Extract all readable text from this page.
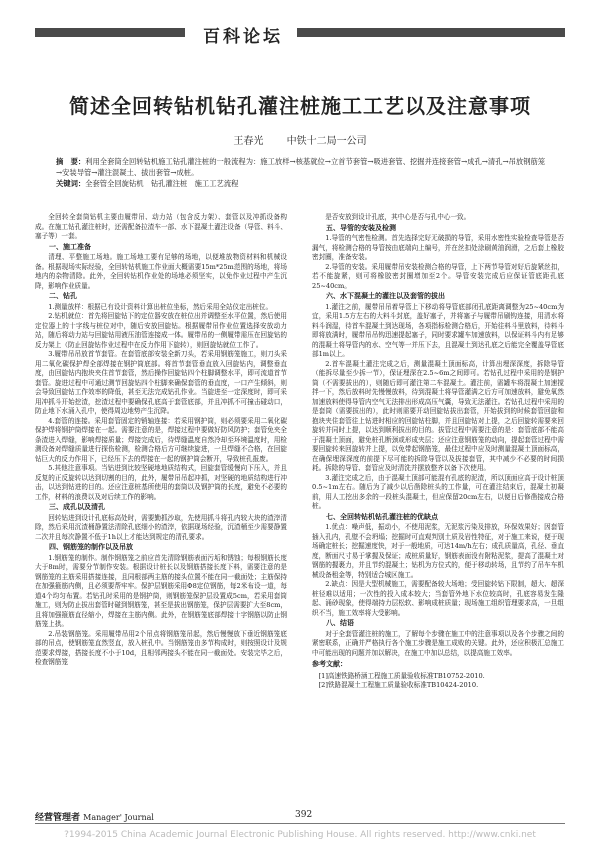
百科论坛
简述全回转钻机钻孔灌注桩施工工艺以及注意事项
王春光 中铁十二局一公司
摘　要：利用全套筒全回转钻机施工钻孔灌注桩的一般流程为：施工放样→核基就位→立首节套管→吸进套管、挖掘并连接套管→成孔→清孔→吊放钢筋笼→安装导管→灌注混凝土、拔出套管→成桩。
关键词：全套管全回旋钻机　钻孔灌注桩　施工工艺流程

全回转全套筒钻机主要由履带吊、动力站（包含反力架）、套管以及冲抓设备构成。在施工钻孔灌注桩时，还需配备拉渣车一部、水下混凝土灌注设备（导管、料斗、塞子等）一套。

一、施工准备

清理、平整施工场地。施工场地工要有足够的场地，以便堆放物资材料和机械设备。根据现场实际经验，全回转钻机施工作业面大概需要15m*25m范围的场地，将场地内的杂物清除。此外，全回转钻机作业处的场地必须坚实，以免作业过程中产生沉降，影响作业质量。

二、钻孔

1.测量放样：根据已有设计资料计算出桩位坐标，然后采用全站仪定出桩位。

2.钻机就位：首先将回旋钻下的定位器安放在桩位出并调整至水平位置，然后使用定位器上的十字线与桩位对中，随后安放回旋钻。根据履带吊作业位置选择安放动力站，随后将动力站与回旋钻用液压油管连接成一体。履带吊的一侧履带需压在回旋钻的反力架上（防止回旋钻作业过程中在反力作用下旋转），则回旋钻就位工作了。

3.履带吊吊放首节套管。在套管底部安装全新刀头，若采用钢筋笼施工，则刀头采用二氧化碳保护焊全部焊接在钢护筒底部。将首节套管垂直放入回旋钻内，调整垂直度，由回旋钻内抱块夹住首节套管，然后操作回旋钻四个柱脚调整水平，即可流道首节套管。旋进过程中可通过测节回旋钻四个柱脚来确保套管的垂直度，一口产生倾斜，则会导致回旋钻工作效率的降低，甚至无法完成钻孔作业。当旋进至一定深度时，即可采用冲抓斗开始挖渣，挖渣过程中要确保孔底高于套管底部，并且冲抓不可撞击碰动口，防止地下水涌入孔中，使得周边地势产生沉降。

4.套管的连接。采用套管固定的销轴连接：若采用钢护筒，则必须要采用二氧化碳保护焊将钢护筒焊接在一起。需要注意的是，焊接过程中要做好防风防护；套管免夹全条渣进入焊缝，影响焊接质量；焊接完成后，待焊缝温度自然冷却至环境温度时，用检测设备对焊缝质量进行探伤检测，检测合格后方可继续旋进，一旦焊缝不合格，在回旋钻巨大的反力作用下，已经压下去的焊接在一起的钢护筒会断开，导致桩孔报废。

5.其他注意事项。当钻进到比较坚硬地地质结构式，回旋套管缓慢向下压入，并且反复的正反旋转以达到切割的目的，此外，履带吊吊起冲抓，对坚硬的地质结构进行冲击，以达到钻进的目的。还应注意桩基所使用的套筒以及钢护筒的长度，避免不必要的工作，材料的浪费以及对后续工作的影响。

三、成孔以及清孔

回转钻进到设计孔底标高处时，需要勤抓沙取，先使用抓斗将孔内较大块的渣滓清除，然后采用沉渣桶静置法清除孔底细小的渣滓，依据现场经验，沉渣桶至少需要静置二次并且每次静置不低于1h以上才能达到规定的清孔要求。

四、钢筋笼的制作以及吊放

1.钢筋笼的制作。制作钢筋笼之前应首先清除钢筋表面污垢和锈蚀；每根钢筋长度大于8m时，需要分节制作安装。根据设计桩长以及钢筋搭接长度下料，需要注意的是钢筋笼的主筋采用搭接连接，且同根部两主筋的接头位置不能在同一截面处；主筋保持在加强箍筋内侧，且必须要帮牢牢。保护层钢筋采用Φ8定位钢筋，每2米布设一道，每道4个均匀布置。若钻孔时采用的是钢护筒，则钢筋笼保护层设置成5cm，若采用套筒施工，则为防止拔出套管时碰到钢筋笼，甚至是拔出钢筋笼，保护层需要扩大至8cm，且将加强箍筋直径缩小，焊接在主筋内侧。此外，在钢筋笼底部焊接十字钢筋以防止钢筋笼上拱。

2.吊装钢筋笼。采用履带吊用2个吊点将钢筋笼吊起，然后慢慢放下垂近钢筋笼底部的吊点，使钢筋笼直然竖直，放入桩孔中。当钢筋笼由多节构成时，则按照设计及规范要求焊接，搭接长度不小于10d，且相邻两接头不能在同一截面处。安装完毕之后，检查钢筋笼

是否安放到设计孔底，其中心是否与孔中心一致。

五、导管的安装及检测

1.导管的气密性检测。首先选择完好无破损的导管，采用水密性实验检查导管是否漏气，将检测合格的导管按由底端向上编号，并在丝扣处涂刷黄油润滑，之后套上橡胶密封圈，准备安装。

2.导管的安装。采用履带吊安装检测合格的导管，上下两节导管对好后旋紧丝扣，若不能旋紧，则可将橡胶密封圈增加至2个。导管安装完成后应保证管底距孔底25~40cm。

六、水下混凝土的灌注以及套管的拔出

1.灌注之前，履带吊吊着导管上下移动将导管底部闭孔底距离调整为25~40cm为宜，采用1.5方左右的大料斗封底，盖好塞子，并将塞子与履带吊刷钩连接，用清水将料斗润湿，待首车混凝土到达现场，各项指标检测合格后，开始往料斗里放料，待料斗即将放满时，履带吊吊钩迅速提起塞子，同时要求罐车加速放料，以保证料斗内有足够的混凝土将导管内的水、空气等一并压下去，且混凝土到达孔底之后能完全覆盖导管底部1m以上。

2.首车混凝土灌注完成之后，测量混凝土顶面标高，计算出埋深深度，拆除导管（能拆尽量至少拆一节），保证埋深在2.5~6m之间即可。若钻孔过程中采用的是钢护筒（不需要拔出的），则随后即可灌注第二车混凝土。灌注前，需罐车将混凝土加速搅拌一下，然后放料时先慢慢放料，待到混凝土将导管灌满之后方可加速放料，避免氧然加速放料使得导管内空气无法排出形成高压气囊，导致无法灌注。若钻孔过程中采用的是套筒（需要拔出的），此时则需要开动回旋钻拔出套管，开始拔到的时候套管回旋和抱块夹住套管往上钻进时相应的回旋钻柱脚，并且回旋钻对上提，之后回旋转需要来回旋转并同时上提，以达到顺利拔出的目的。拔管过程中需要注意的是：套管底部不能高于混凝土顶面，避免桩孔断颈或形成夹层；还应注意钢筋笼的动向，提起套管过程中需要回旋转来回旋转并上提，以免带起钢筋笼，最佳过程中应及时测量混凝土顶面标高，在确保埋深深度的前提下尽可能的拆除导管以及拔接套管，其中减少不必要的时间损耗。拆除的导管、套管应及时清洗并摆放整齐以备下次使用。

3.灌注完成之后，由于混凝土顶部可能混有孔底的泥渣，所以顶面应高于设计桩顶0.5~1m左右。随后为了减少以后凿除桩头的工作量，可在灌注结束后，混凝土初凝前，用人工挖出多余的一段桩头混凝土，但应保留20cm左右，以便日后修凿接成合格桩。

七、全回转钻机钻孔灌注桩的优缺点

1.优点：噪声低，振动小，不使用泥浆，无泥浆污染及排放，环保效果好；因套管插入孔内，孔壁不会坍塌；挖掘时可直观判别土质及岩性特征，对于施工来说，便于现场确定桩长；挖掘速度快，对于一般地质，可达14m/h左右；成孔质量高，孔径、垂直度，断面尺寸易于掌握及保证；成桩质量好，钢筋表面没有附粘泥浆，提高了混凝土对钢筋的握裹力，并且节约混凝土；钻机为方位式的，便于移动转场，且节约了吊车车机械设备租金等，特别适合城区施工。

2.缺点：因是大型机械施工，需要配备较大场地；受回旋转钻下限制，超大、超深桩径难以适用；一次性的投入成本较大；当套管外地下水位较高时，孔底容易发生隆起、涌砂现象，使得端持力层松软、影响成桩质量；现场施工组织管理要求高，一旦组织不当，施工效率将大受影响。

八、结语

对于全套管灌注桩的施工，了解每个步骤在施工中的注意事项以及各个步骤之间的紧密联系，正确并严格执行各个施工步骤是施工成败的关键。此外，还应积极汇总施工中可能出现的问题并加以解决，在施工中加以总结，以提高施工效率。

参考文献：

[1]高速铁路桥涵工程施工质量验收标准TB10752-2010.

[2]铁路混凝土工程施工质量验收标准TB10424-2010.

经营管理者 Manager' Journal	392
?1994-2015 China Academic Journal Electronic Publishing House. All rights reserved. http://www.cnki.net
